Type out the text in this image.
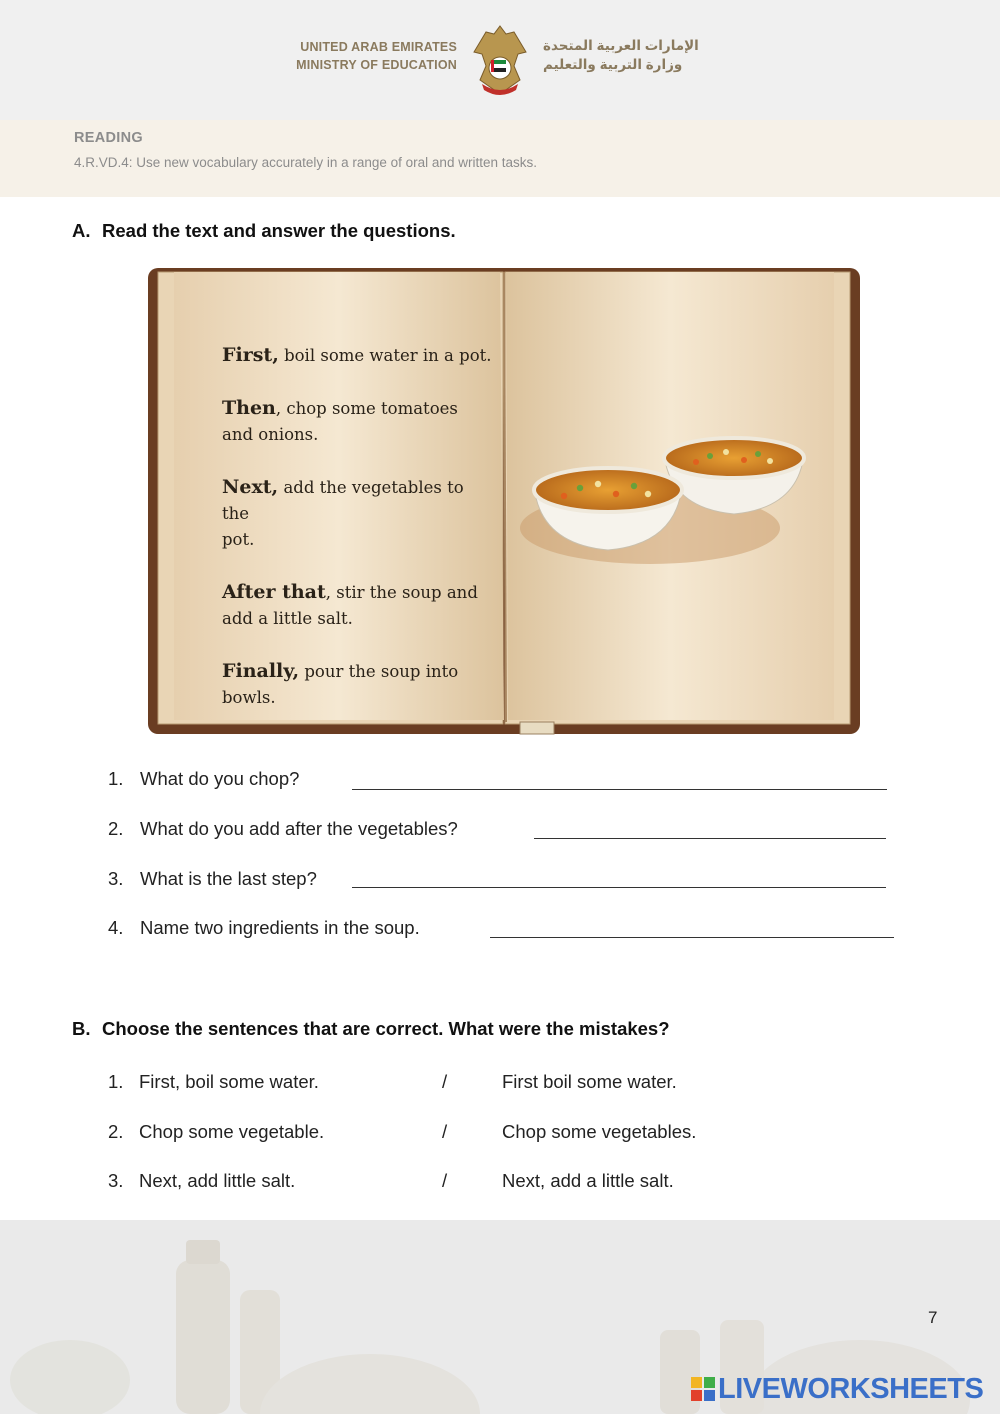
UNITED ARAB EMIRATES
MINISTRY OF EDUCATION
الإمارات العربية المتحدة
وزارة التربية والتعليم
READING
4.R.VD.4: Use new vocabulary accurately in a range of oral and written tasks.
A. Read the text and answer the questions.
First, boil some water in a pot.
Then, chop some tomatoes
and onions.
Next, add the vegetables to the
pot.
After that, stir the soup and
add a little salt.
Finally, pour the soup into
bowls.
1. What do you chop?
2. What do you add after the vegetables?
3. What is the last step?
4. Name two ingredients in the soup.
B. Choose the sentences that are correct. What were the mistakes?
1. First, boil some water.	/	First boil some water.
2. Chop some vegetable.	/	Chop some vegetables.
3. Next, add little salt.	/	Next, add a little salt.
7
LIVEWORKSHEETS
